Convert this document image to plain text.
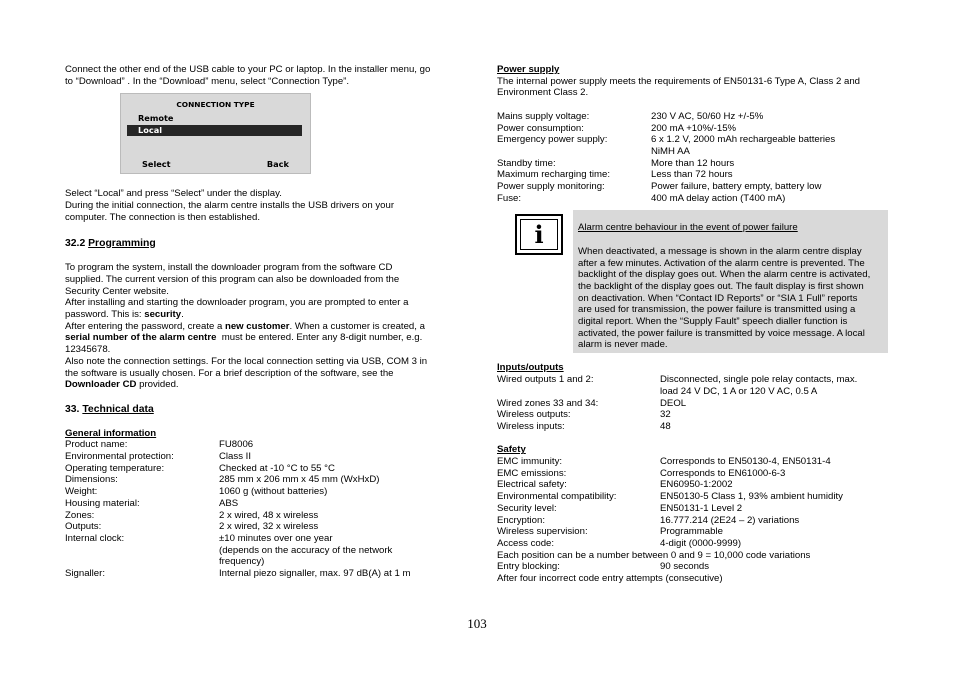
Connect the other end of the USB cable to your PC or laptop. In the installer menu, go

to “Download” . In the “Download” menu, select “Connection Type”.

CONNECTION TYPE
Remote
Local
Select	Back

Select “Local” and press “Select” under the display.

During the initial connection, the alarm centre installs the USB drivers on your

computer. The connection is then established.

32.2 Programming

To program the system, install the downloader program from the software CD

supplied. The current version of this program can also be downloaded from the

Security Center website.

After installing and starting the downloader program, you are prompted to enter a

password. This is: security.

After entering the password, create a new customer. When a customer is created, a

serial number of the alarm centre  must be entered. Enter any 8-digit number, e.g.

12345678.

Also note the connection settings. For the local connection setting via USB, COM 3 in

the software is usually chosen. For a brief description of the software, see the

Downloader CD provided.

33. Technical data

General information

Product name:	FU8006
Environmental protection:	Class II
Operating temperature:	Checked at -10 °C to 55 °C
Dimensions:	285 mm x 206 mm x 45 mm (WxHxD)
Weight:	1060 g (without batteries)
Housing material:	ABS
Zones:	2 x wired, 48 x wireless
Outputs:	2 x wired, 32 x wireless
Internal clock:	±10 minutes over one year
(depends on the accuracy of the network
frequency)
Signaller:	Internal piezo signaller, max. 97 dB(A) at 1 m

Power supply

The internal power supply meets the requirements of EN50131-6 Type A, Class 2 and

Environment Class 2.

Mains supply voltage:	230 V AC, 50/60 Hz +/-5%
Power consumption:	200 mA +10%/-15%
Emergency power supply:	6 x 1.2 V, 2000 mAh rechargeable batteries
NiMH AA
Standby time:	More than 12 hours
Maximum recharging time:	Less than 72 hours
Power supply monitoring:	Power failure, battery empty, battery low
Fuse:	400 mA delay action (T400 mA)
i	Alarm centre behaviour in the event of power failure

When deactivated, a message is shown in the alarm centre display

after a few minutes. Activation of the alarm centre is prevented. The

backlight of the display goes out. When the alarm centre is activated,

the backlight of the display goes out. The fault display is first shown

on deactivation. When “Contact ID Reports” or “SIA 1 Full” reports

are used for transmission, the power failure is transmitted using a

digital report. When the “Supply Fault” speech dialler function is

activated, the power failure is transmitted by voice message. A local

alarm is never made.

Inputs/outputs

Wired outputs 1 and 2:	Disconnected, single pole relay contacts, max.
load 24 V DC, 1 A or 120 V AC, 0.5 A
Wired zones 33 and 34:	DEOL
Wireless outputs:	32
Wireless inputs:	48

Safety

EMC immunity:	Corresponds to EN50130-4, EN50131-4
EMC emissions:	Corresponds to EN61000-6-3
Electrical safety:	EN60950-1:2002
Environmental compatibility:	EN50130-5 Class 1, 93% ambient humidity
Security level:	EN50131-1 Level 2
Encryption:	16.777.214 (2E24 – 2) variations
Wireless supervision:	Programmable
Access code:	4-digit (0000-9999)

Each position can be a number between 0 and 9 = 10,000 code variations

Entry blocking:	90 seconds

After four incorrect code entry attempts (consecutive)

103
